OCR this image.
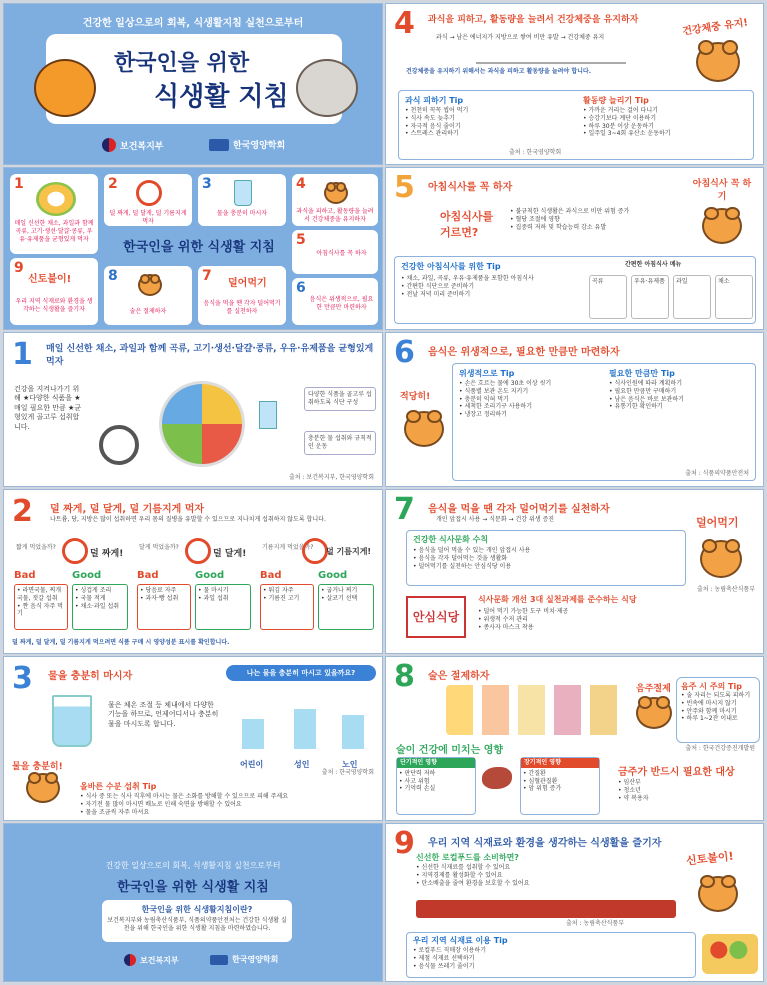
건강한 일상으로의 회복, 식생활지침 실천으로부터
한국인을 위한
식생활 지침
보건복지부	한국영양학회
1
매일 신선한 채소, 과일과 함께 곡류, 고기·생선·달걀·콩류, 우유·유제품을 균형있게 먹자
2
덜 짜게, 덜 달게, 덜 기름지게 먹자
3
물을 충분히 마시자
4
과식을 피하고, 활동량을 늘려서 건강체중을 유지하자
한국인을 위한 식생활 지침	5
아침식사를 꼭 하자
9
신토불이!
우리 지역 식재료와 환경을 생각하는 식생활을 즐기자
8
술은 절제하자
7 덜어먹기
음식을 먹을 땐 각자 덜어먹기를 실천하자
6
음식은 위생적으로, 필요한 만큼만 마련하자
1 매일 신선한 채소, 과일과 함께 곡류, 고기·생선·달걀·콩류, 우유·유제품을 균형있게 먹자
건강을 지켜나가기 위해 ★다양한 식품을 ★매일 필요한 만큼 ★균형있게 골고루 섭취합니다.
다양한 식품을 골고루 섭취하도록 식단 구성
충분한 물 섭취와 규칙적인 운동
출처 : 보건복지부, 한국영양학회
2 덜 짜게, 덜 달게, 덜 기름지게 먹자
나트륨, 당, 지방은 많이 섭취하면 우리 몸의 질병을 유발할 수 있으므로 지나치게 섭취하지 않도록 합니다.
짧게 먹었을까?
덜 짜게!
Bad	Good
• 라면국물, 찌개국물, 젓갈 섭취
• 짠 음식 자주 먹기
• 싱겁게 조리
• 국물 적게
• 채소·과일 섭취
달게 먹었을까?
덜 달게!
Bad	Good
• 당음료 자주
• 과자·빵 섭취
• 물 마시기
• 과일 섭취
기름지게 먹었을까? 덜 기름지게!
Bad	Good
• 튀김 자주
• 기름진 고기
• 굽거나 찌기
• 살코기 선택
덜 짜게, 덜 달게, 덜 기름지게 먹으려면 식품 구매 시 영양성분 표시를 확인합니다.
3 물을 충분히 마시자
물은 체온 조절 등 체내에서 다양한 기능을 하므로, 언제어디서나 충분히 물을 마시도록 합니다.
나는 물을 충분히 마시고 있을까요?
어린이	성인	노인
출처 : 한국영양학회
물을 충분히!
올바른 수분 섭취 Tip
• 식사 중 또는 식사 직후에 마시는 물은 소화를 방해할 수 있으므로 피해 주세요
• 자기전 물 많이 마시면 배뇨로 인해 숙면을 방해할 수 있어요
• 물을 조금씩 자주 마셔요
건강한 일상으로의 회복, 식생활지침 실천으로부터
한국인을 위한 식생활 지침
한국인을 위한 식생활지침이란?
보건복지부와 농림축산식품부, 식품의약품안전처는 건강한 식생활 실천을 위해 한국인을 위한 식생활 지침을 마련하였습니다.
보건복지부	한국영양학회
4 과식을 피하고, 활동량을 늘려서 건강체중을 유지하자
과식 → 남은 에너지가 지방으로 쌓여 비만 유발 → 건강체중 유지
건강체중을 유지하기 위해서는 과식을 피하고 활동량을 늘려야 합니다.
건강체중 유지!
과식 피하기 Tip
• 천천히 꼭꼭 씹어 먹기
• 식사 속도 늦추기
• 자극적 음식 줄이기
• 스트레스 관리하기
활동량 늘리기 Tip
• 가까운 거리는 걸어 다니기
• 승강기보다 계단 이용하기
• 하루 30분 이상 운동하기
• 일주일 3~4회 유산소 운동하기
출처 : 한국영양학회
5 아침식사를 꼭 하자
아침식사를 거르면?
• 불규칙한 식생활은 과식으로 비만 위험 증가
• 혈당 조절에 영향
• 집중력 저하 및 학습능력 감소 유발
아침식사 꼭 하기
건강한 아침식사를 위한 Tip
• 채소, 과일, 곡류, 우유·유제품을 포함한 아침식사
• 간편한 식단으로 준비하기
• 전날 저녁 미리 준비하기
간편한 아침식사 메뉴
곡류	우유·유제품	과일	채소
6 음식은 위생적으로, 필요한 만큼만 마련하자
적당히!
위생적으로 Tip
• 손은 흐르는 물에 30초 이상 씻기
• 식품별 보관 온도 지키기
• 충분히 익혀 먹기
• 세척한 조리기구 사용하기
• 냉장고 정리하기
필요한 만큼만 Tip
• 식사인원에 따라 계획하기
• 필요한 만큼만 구매하기
• 남은 음식은 바로 보관하기
• 유통기한 확인하기
출처 : 식품의약품안전처
7 음식을 먹을 땐 각자 덜어먹기를 실천하자
개인 앞접시 사용 → 식문화 → 건강 위생 증진
건강한 식사문화 수칙
• 음식을 덜어 먹을 수 있는 개인 앞접시 사용
• 음식을 각자 덜어먹는 것을 생활화
• 덜어먹기를 실천하는 안심식당 이용
덜어먹기
안심식당
식사문화 개선 3대 실천과제를 준수하는 식당
• 덜어 먹기 가능한 도구 비치·제공
• 위생적 수저 관리
• 종사자 마스크 착용
출처 : 농림축산식품부
8 술은 절제하자
음주절제 음주 시 주의 Tip
• 술 자리는 되도록 피하기
• 빈속에 마시지 않기
• 안주와 함께 마시기
• 하루 1~2잔 이내로
술이 건강에 미치는 영향
단기적인 영향
• 판단력 저하
• 사고 위험
• 기억력 손실
장기적인 영향
• 간질환
• 심혈관질환
• 암 위험 증가
금주가 반드시 필요한 대상
• 임산부
• 청소년
• 약 복용자
출처 : 한국건강증진개발원
9 우리 지역 식재료와 환경을 생각하는 식생활을 즐기자
신선한 로컬푸드를 소비하면?
• 신선한 식재료를 섭취할 수 있어요
• 지역경제를 활성화할 수 있어요
• 탄소배출을 줄여 환경을 보호할 수 있어요
출처 : 농림축산식품부
신토불이!
우리 지역 식재료 이용 Tip
• 로컬푸드 직매장 이용하기
• 제철 식재료 선택하기
• 음식물 쓰레기 줄이기
